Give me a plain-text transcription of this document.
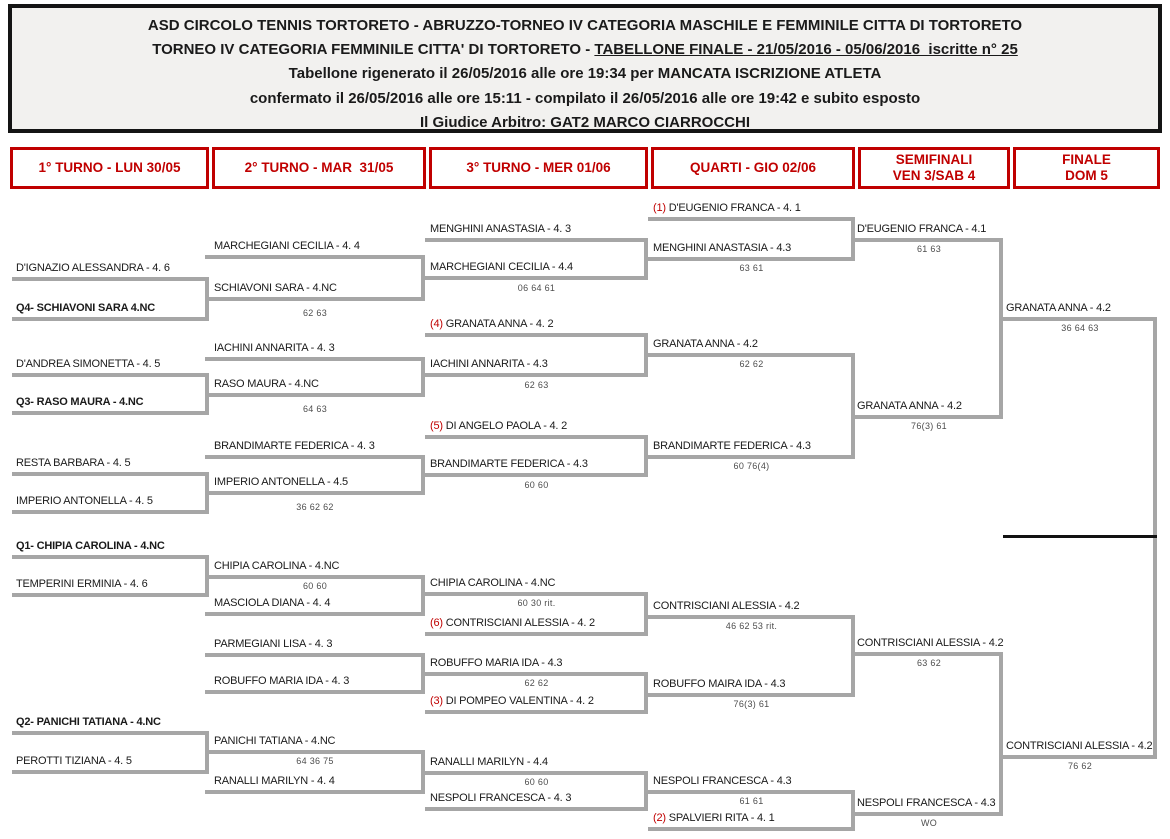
ASD CIRCOLO TENNIS TORTORETO - ABRUZZO-TORNEO IV CATEGORIA MASCHILE E FEMMINILE CITTA DI TORTORETO
TORNEO IV CATEGORIA FEMMINILE CITTA' DI TORTORETO - TABELLONE FINALE - 21/05/2016 - 05/06/2016  iscritte n° 25
Tabellone rigenerato il 26/05/2016 alle ore 19:34 per MANCATA ISCRIZIONE ATLETA
confermato il 26/05/2016 alle ore 15:11 - compilato il 26/05/2016 alle ore 19:42 e subito esposto
Il Giudice Arbitro: GAT2 MARCO CIARROCCHI
1° TURNO - LUN 30/05	2° TURNO - MAR  31/05	3° TURNO - MER 01/06	QUARTI - GIO 02/06
SEMIFINALI
VEN 3/SAB 4
FINALE
DOM 5
D'IGNAZIO ALESSANDRA - 4. 6
Q4- SCHIAVONI SARA 4.NC
D'ANDREA SIMONETTA - 4. 5
Q3- RASO MAURA - 4.NC
RESTA BARBARA - 4. 5
IMPERIO ANTONELLA - 4. 5
Q1- CHIPIA CAROLINA - 4.NC
TEMPERINI ERMINIA - 4. 6
Q2- PANICHI TATIANA - 4.NC
PEROTTI TIZIANA - 4. 5
MARCHEGIANI CECILIA - 4. 4
SCHIAVONI SARA - 4.NC
62 63
IACHINI ANNARITA - 4. 3
RASO MAURA - 4.NC
64 63
BRANDIMARTE FEDERICA - 4. 3
IMPERIO ANTONELLA - 4.5
36 62 62
CHIPIA CAROLINA - 4.NC
60 60
MASCIOLA DIANA - 4. 4
PARMEGIANI LISA - 4. 3
ROBUFFO MARIA IDA - 4. 3
PANICHI TATIANA - 4.NC
64 36 75
RANALLI MARILYN - 4. 4
MENGHINI ANASTASIA - 4. 3
MARCHEGIANI CECILIA - 4.4
06 64 61
(4) GRANATA ANNA - 4. 2
IACHINI ANNARITA - 4.3
62 63
(5) DI ANGELO PAOLA - 4. 2
BRANDIMARTE FEDERICA - 4.3
60 60
CHIPIA CAROLINA - 4.NC
60 30 rit.
(6) CONTRISCIANI ALESSIA - 4. 2
ROBUFFO MARIA IDA - 4.3
62 62
(3) DI POMPEO VALENTINA - 4. 2
RANALLI MARILYN - 4.4
60 60
NESPOLI FRANCESCA - 4. 3
(1) D'EUGENIO FRANCA - 4. 1
MENGHINI ANASTASIA - 4.3
63 61
GRANATA ANNA - 4.2
62 62
BRANDIMARTE FEDERICA - 4.3
60 76(4)
CONTRISCIANI ALESSIA - 4.2
46 62 53 rit.
ROBUFFO MAIRA IDA - 4.3
76(3) 61
NESPOLI FRANCESCA - 4.3
61 61
(2) SPALVIERI RITA - 4. 1
D'EUGENIO FRANCA - 4.1
61 63
GRANATA ANNA - 4.2
76(3) 61
CONTRISCIANI ALESSIA - 4.2
63 62
NESPOLI FRANCESCA - 4.3
WO
GRANATA ANNA - 4.2
36 64 63
CONTRISCIANI ALESSIA - 4.2
76 62
